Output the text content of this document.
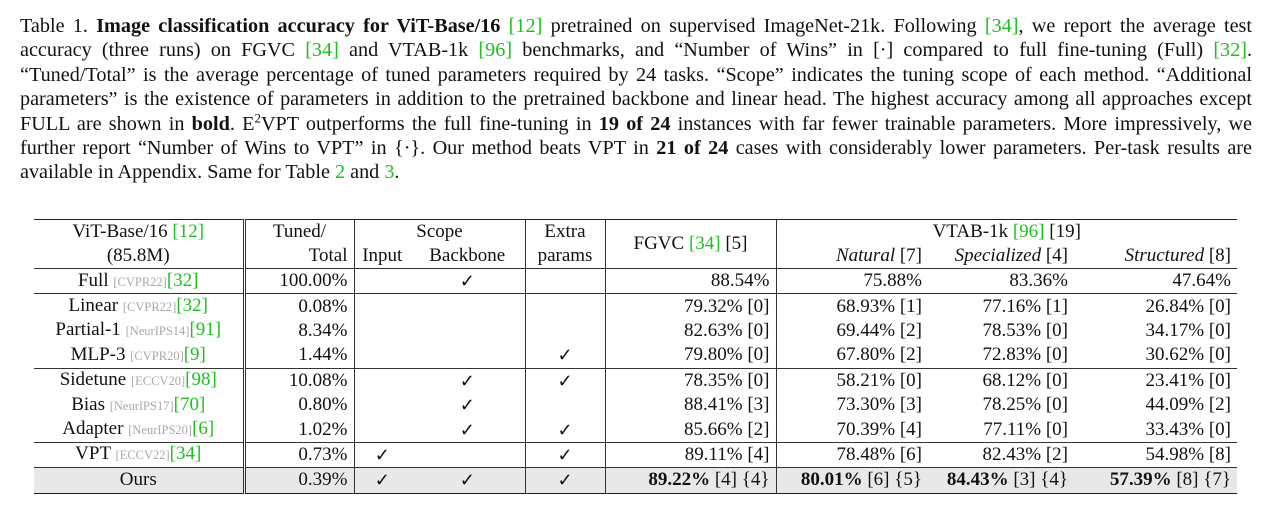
Table 1. Image classification accuracy for ViT-Base/16 [12] pretrained on supervised ImageNet-21k. Following [34], we report the average test accuracy (three runs) on FGVC [34] and VTAB-1k [96] benchmarks, and “Number of Wins” in [·] compared to full fine-tuning (Full) [32]. “Tuned/Total” is the average percentage of tuned parameters required by 24 tasks. “Scope” indicates the tuning scope of each method. “Additional parameters” is the existence of parameters in addition to the pretrained backbone and linear head. The highest accuracy among all approaches except FULL are shown in bold. $E^2VPT$ outperforms the full fine-tuning in 19 of 24 instances with far fewer trainable parameters. More impressively, we further report “Number of Wins to VPT” in {·}. Our method beats VPT in 21 of 24 cases with considerably lower parameters. Per-task results are available in Appendix. Same for Table 2 and 3.
ViT-Base/16 [12]	Tuned/	Scope		Extra	FGVC [34] [5]	VTAB-1k [96] [19]		
(85.8M)	Total	Input	Backbone	params		Natural [7]	Specialized [4]	Structured [8]
Full [CVPR22][32]	100.00%		✓		88.54%	75.88%	83.36%	47.64%
Linear [CVPR22][32]	0.08%				79.32% [0]	68.93% [1]	77.16% [1]	26.84% [0]
Partial-1 [NeurIPS14][91]	8.34%				82.63% [0]	69.44% [2]	78.53% [0]	34.17% [0]
MLP-3 [CVPR20][9]	1.44%			✓	79.80% [0]	67.80% [2]	72.83% [0]	30.62% [0]
Sidetune [ECCV20][98]	10.08%		✓	✓	78.35% [0]	58.21% [0]	68.12% [0]	23.41% [0]
Bias [NeurIPS17][70]	0.80%		✓		88.41% [3]	73.30% [3]	78.25% [0]	44.09% [2]
Adapter [NeurIPS20][6]	1.02%		✓	✓	85.66% [2]	70.39% [4]	77.11% [0]	33.43% [0]
VPT [ECCV22][34]	0.73%	✓		✓	89.11% [4]	78.48% [6]	82.43% [2]	54.98% [8]
Ours	0.39%	✓	✓	✓	89.22% [4] {4}	80.01% [6] {5}	84.43% [3] {4}	57.39% [8] {7}
